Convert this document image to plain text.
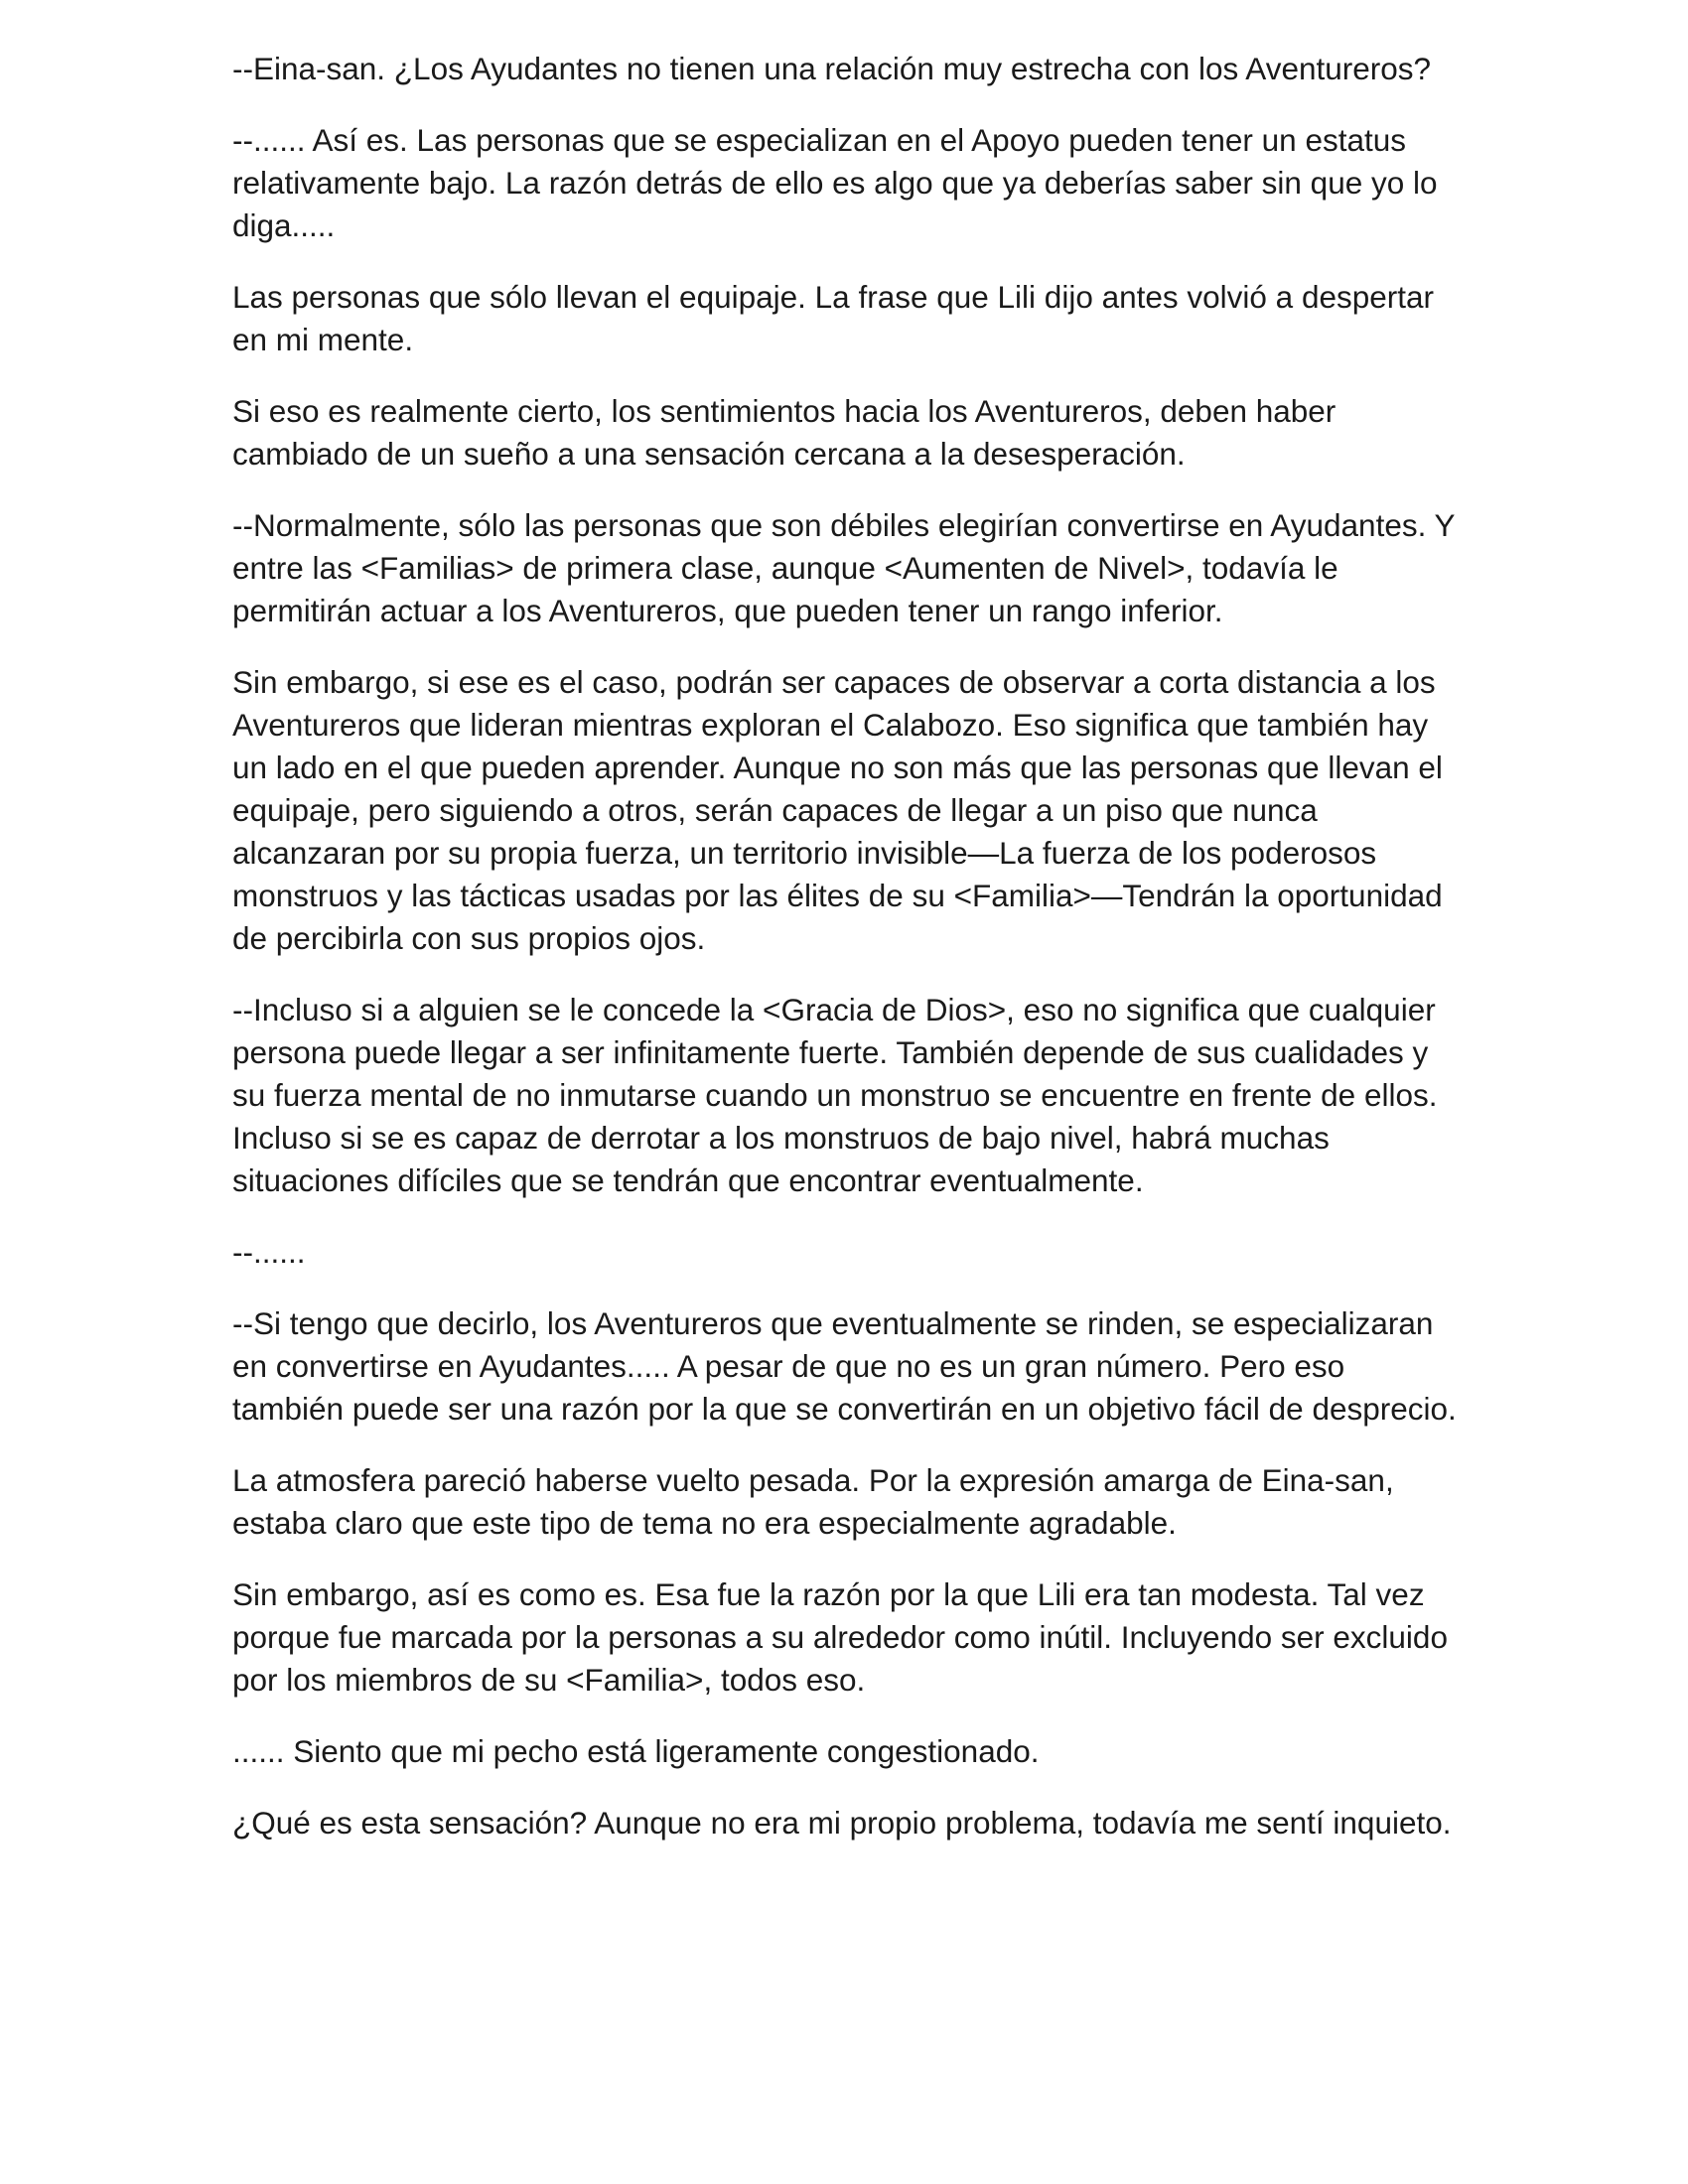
--Eina-san. ¿Los Ayudantes no tienen una relación muy estrecha con los Aventureros?

--...... Así es. Las personas que se especializan en el Apoyo pueden tener un estatus relativamente bajo. La razón detrás de ello es algo que ya deberías saber sin que yo lo diga.....

Las personas que sólo llevan el equipaje. La frase que Lili dijo antes volvió a despertar en mi mente.

Si eso es realmente cierto, los sentimientos hacia los Aventureros, deben haber cambiado de un sueño a una sensación cercana a la desesperación.

--Normalmente, sólo las personas que son débiles elegirían convertirse en Ayudantes. Y entre las <Familias> de primera clase, aunque <Aumenten de Nivel>, todavía le permitirán actuar a los Aventureros, que pueden tener un rango inferior.

Sin embargo, si ese es el caso, podrán ser capaces de observar a corta distancia a los Aventureros que lideran mientras exploran el Calabozo. Eso significa que también hay un lado en el que pueden aprender. Aunque no son más que las personas que llevan el equipaje, pero siguiendo a otros, serán capaces de llegar a un piso que nunca alcanzaran por su propia fuerza, un territorio invisible—La fuerza de los poderosos monstruos y las tácticas usadas por las élites de su <Familia>—Tendrán la oportunidad de percibirla con sus propios ojos.

--Incluso si a alguien se le concede la <Gracia de Dios>, eso no significa que cualquier persona puede llegar a ser infinitamente fuerte. También depende de sus cualidades y su fuerza mental de no inmutarse cuando un monstruo se encuentre en frente de ellos. Incluso si se es capaz de derrotar a los monstruos de bajo nivel, habrá muchas situaciones difíciles que se tendrán que encontrar eventualmente.

--......

--Si tengo que decirlo, los Aventureros que eventualmente se rinden, se especializaran en convertirse en Ayudantes..... A pesar de que no es un gran número. Pero eso también puede ser una razón por la que se convertirán en un objetivo fácil de desprecio.

La atmosfera pareció haberse vuelto pesada. Por la expresión amarga de Eina-san, estaba claro que este tipo de tema no era especialmente agradable.

Sin embargo, así es como es. Esa fue la razón por la que Lili era tan modesta. Tal vez porque fue marcada por la personas a su alrededor como inútil. Incluyendo ser excluido por los miembros de su <Familia>, todos eso.

...... Siento que mi pecho está ligeramente congestionado.

¿Qué es esta sensación? Aunque no era mi propio problema, todavía me sentí inquieto.
